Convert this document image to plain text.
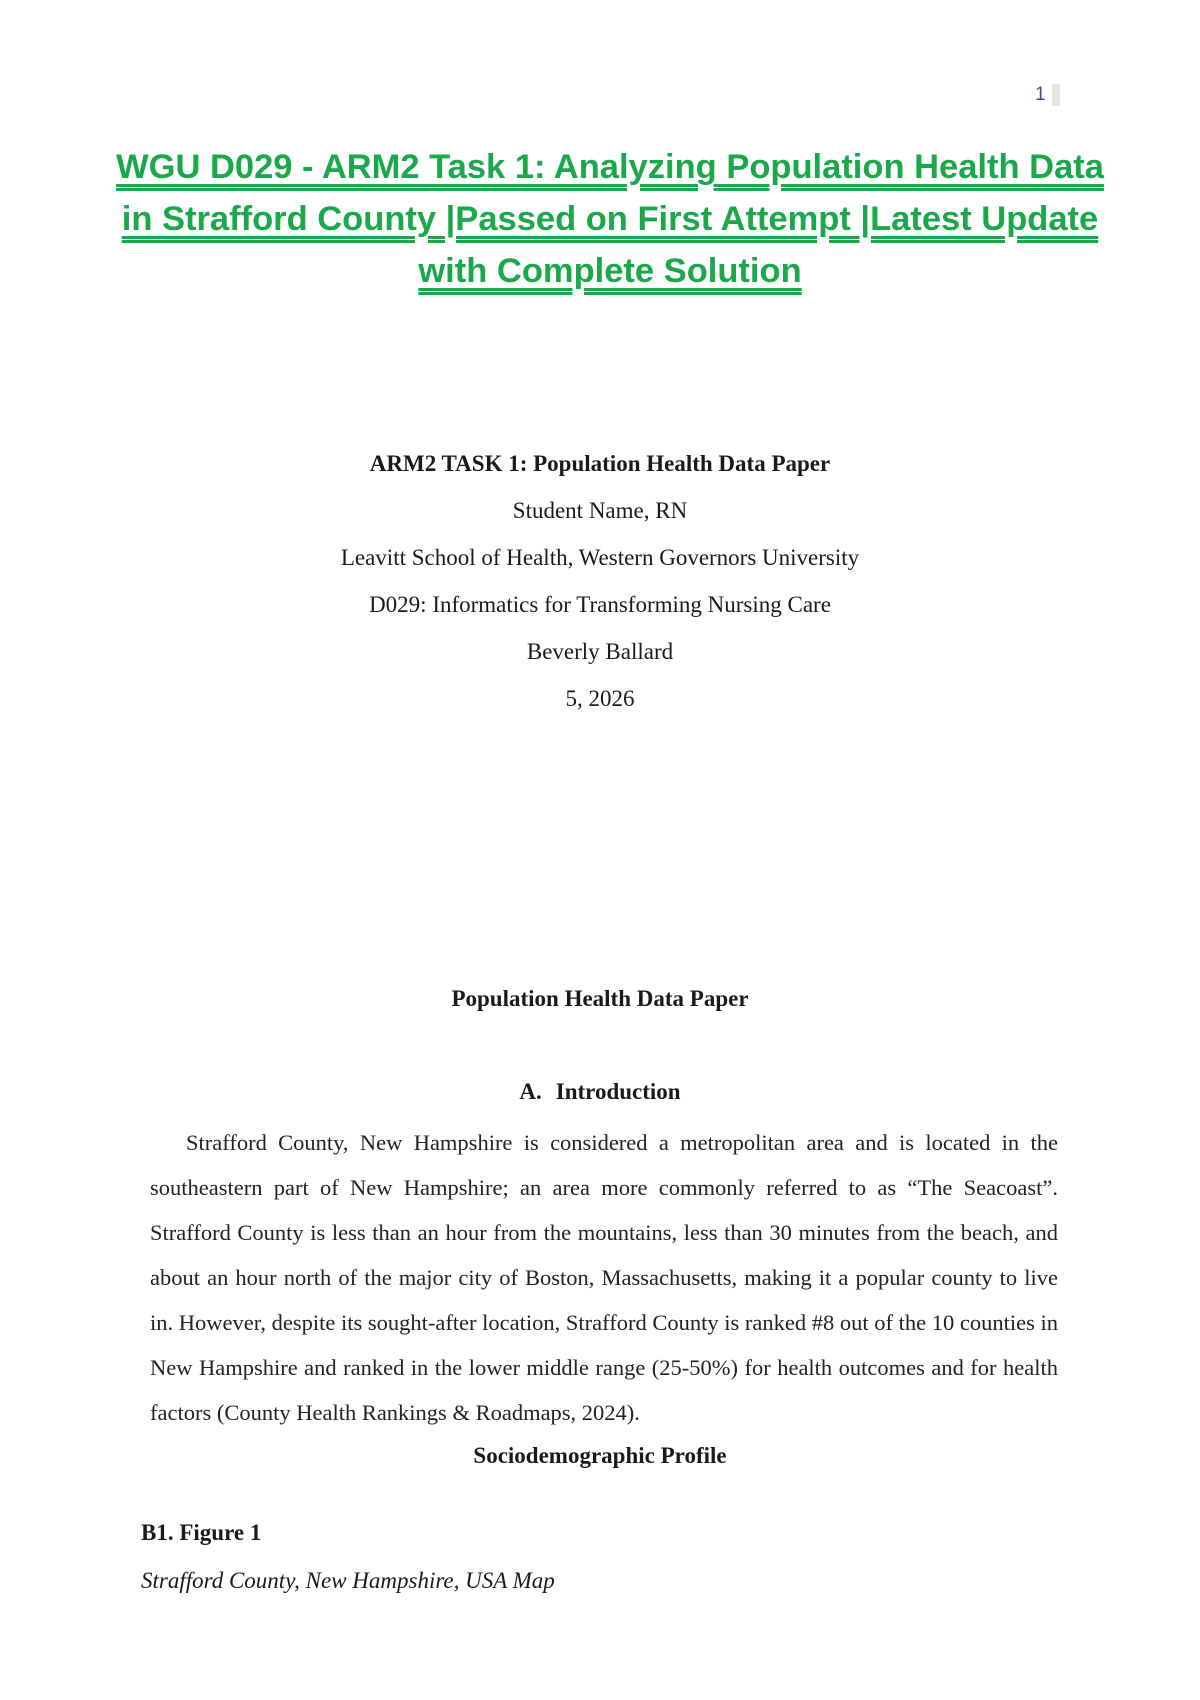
1
WGU D029 - ARM2 Task 1: Analyzing Population Health Data in Strafford County |Passed on First Attempt |Latest Update with Complete Solution
ARM2 TASK 1: Population Health Data Paper
Student Name, RN
Leavitt School of Health, Western Governors University
D029: Informatics for Transforming Nursing Care
Beverly Ballard
5, 2026
Population Health Data Paper
A. Introduction

Strafford County, New Hampshire is considered a metropolitan area and is located in the southeastern part of New Hampshire; an area more commonly referred to as “The Seacoast”. Strafford County is less than an hour from the mountains, less than 30 minutes from the beach, and about an hour north of the major city of Boston, Massachusetts, making it a popular county to live in. However, despite its sought-after location, Strafford County is ranked #8 out of the 10 counties in New Hampshire and ranked in the lower middle range (25-50%) for health outcomes and for health factors (County Health Rankings & Roadmaps, 2024).

Sociodemographic Profile

B1. Figure 1

Strafford County, New Hampshire, USA Map
